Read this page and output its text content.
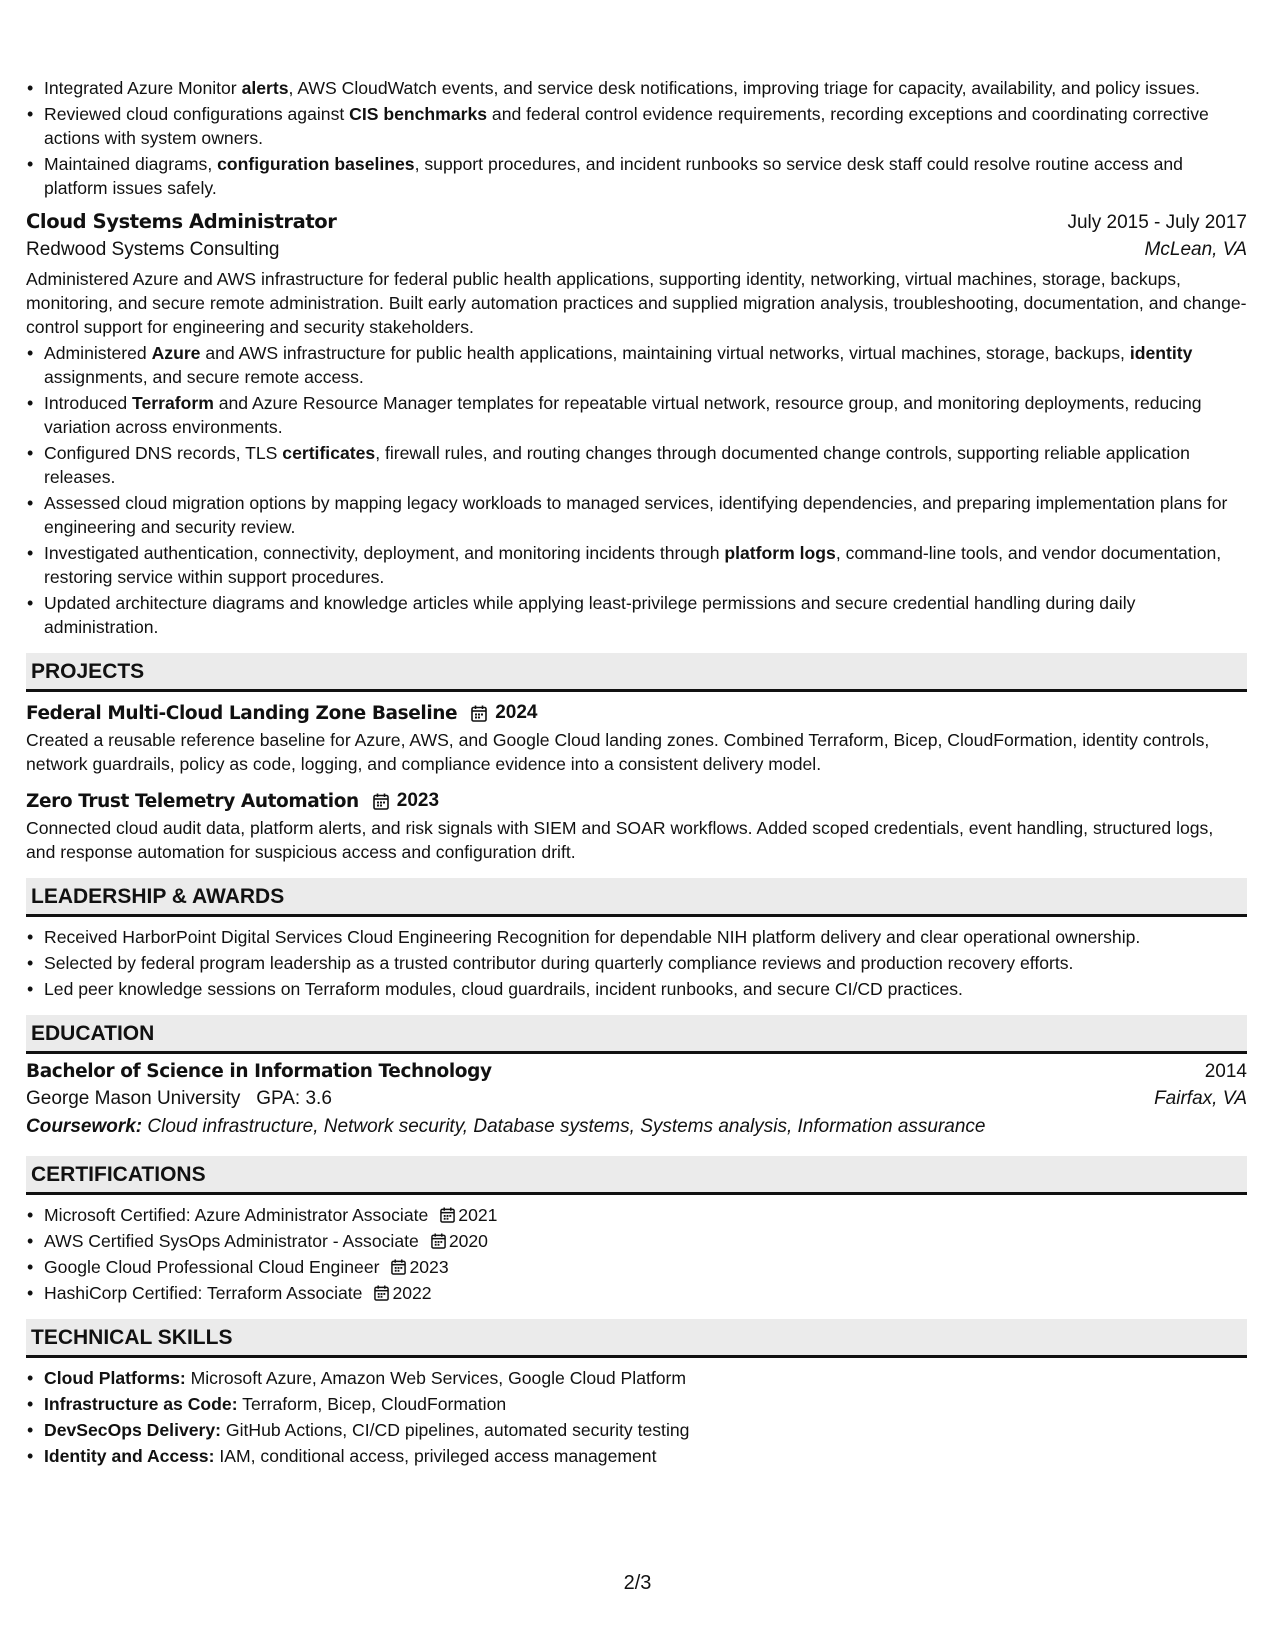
• Integrated Azure Monitor alerts, AWS CloudWatch events, and service desk notifications, improving triage for capacity, availability, and policy issues.
• Reviewed cloud configurations against CIS benchmarks and federal control evidence requirements, recording exceptions and coordinating corrective actions with system owners.
• Maintained diagrams, configuration baselines, support procedures, and incident runbooks so service desk staff could resolve routine access and platform issues safely.
Cloud Systems Administrator	July 2015 - July 2017
Redwood Systems Consulting	McLean, VA
Administered Azure and AWS infrastructure for federal public health applications, supporting identity, networking, virtual machines, storage, backups, monitoring, and secure remote administration. Built early automation practices and supplied migration analysis, troubleshooting, documentation, and change-control support for engineering and security stakeholders.
• Administered Azure and AWS infrastructure for public health applications, maintaining virtual networks, virtual machines, storage, backups, identity assignments, and secure remote access.
• Introduced Terraform and Azure Resource Manager templates for repeatable virtual network, resource group, and monitoring deployments, reducing variation across environments.
• Configured DNS records, TLS certificates, firewall rules, and routing changes through documented change controls, supporting reliable application releases.
• Assessed cloud migration options by mapping legacy workloads to managed services, identifying dependencies, and preparing implementation plans for engineering and security review.
• Investigated authentication, connectivity, deployment, and monitoring incidents through platform logs, command-line tools, and vendor documentation, restoring service within support procedures.
• Updated architecture diagrams and knowledge articles while applying least-privilege permissions and secure credential handling during daily administration.
PROJECTS
Federal Multi-Cloud Landing Zone Baseline 2024
Created a reusable reference baseline for Azure, AWS, and Google Cloud landing zones. Combined Terraform, Bicep, CloudFormation, identity controls, network guardrails, policy as code, logging, and compliance evidence into a consistent delivery model.
Zero Trust Telemetry Automation 2023
Connected cloud audit data, platform alerts, and risk signals with SIEM and SOAR workflows. Added scoped credentials, event handling, structured logs, and response automation for suspicious access and configuration drift.
LEADERSHIP & AWARDS
• Received HarborPoint Digital Services Cloud Engineering Recognition for dependable NIH platform delivery and clear operational ownership.
• Selected by federal program leadership as a trusted contributor during quarterly compliance reviews and production recovery efforts.
• Led peer knowledge sessions on Terraform modules, cloud guardrails, incident runbooks, and secure CI/CD practices.
EDUCATION
Bachelor of Science in Information Technology	2014
George Mason University GPA: 3.6	Fairfax, VA
Coursework: Cloud infrastructure, Network security, Database systems, Systems analysis, Information assurance
CERTIFICATIONS
• Microsoft Certified: Azure Administrator Associate 2021
• AWS Certified SysOps Administrator - Associate 2020
• Google Cloud Professional Cloud Engineer 2023
• HashiCorp Certified: Terraform Associate 2022
TECHNICAL SKILLS
• Cloud Platforms: Microsoft Azure, Amazon Web Services, Google Cloud Platform
• Infrastructure as Code: Terraform, Bicep, CloudFormation
• DevSecOps Delivery: GitHub Actions, CI/CD pipelines, automated security testing
• Identity and Access: IAM, conditional access, privileged access management
2/3
